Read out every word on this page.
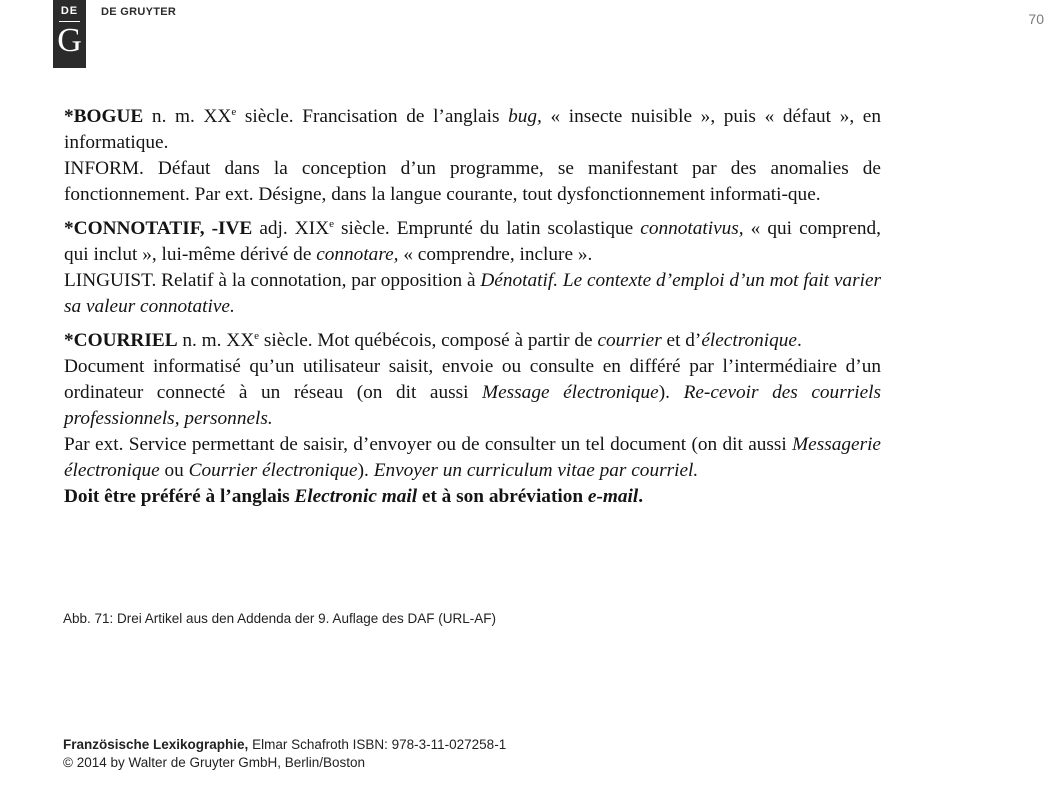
DE
G
DE GRUYTER	70

*BOGUE n. m. XXe siècle. Francisation de l’anglais bug, « insecte nuisible », puis « défaut », en informatique.

INFORM. Défaut dans la conception d’un programme, se manifestant par des anomalies de fonctionnement. Par ext. Désigne, dans la langue courante, tout dysfonctionnement informati-que.

*CONNOTATIF, -IVE adj. XIXe siècle. Emprunté du latin scolastique connotativus, « qui comprend, qui inclut », lui-même dérivé de connotare, « comprendre, inclure ».

LINGUIST. Relatif à la connotation, par opposition à Dénotatif. Le contexte d’emploi d’un mot fait varier sa valeur connotative.

*COURRIEL n. m. XXe siècle. Mot québécois, composé à partir de courrier et d’électronique.

Document informatisé qu’un utilisateur saisit, envoie ou consulte en différé par l’intermédiaire d’un ordinateur connecté à un réseau (on dit aussi Message électronique). Re-cevoir des courriels professionnels, personnels.

Par ext. Service permettant de saisir, d’envoyer ou de consulter un tel document (on dit aussi Messagerie électronique ou Courrier électronique). Envoyer un curriculum vitae par courriel.

Doit être préféré à l’anglais Electronic mail et à son abréviation e-mail.

Abb. 71: Drei Artikel aus den Addenda der 9. Auflage des DAF (URL-AF)
Französische Lexikographie, Elmar Schafroth ISBN: 978-3-11-027258-1
© 2014 by Walter de Gruyter GmbH, Berlin/Boston
